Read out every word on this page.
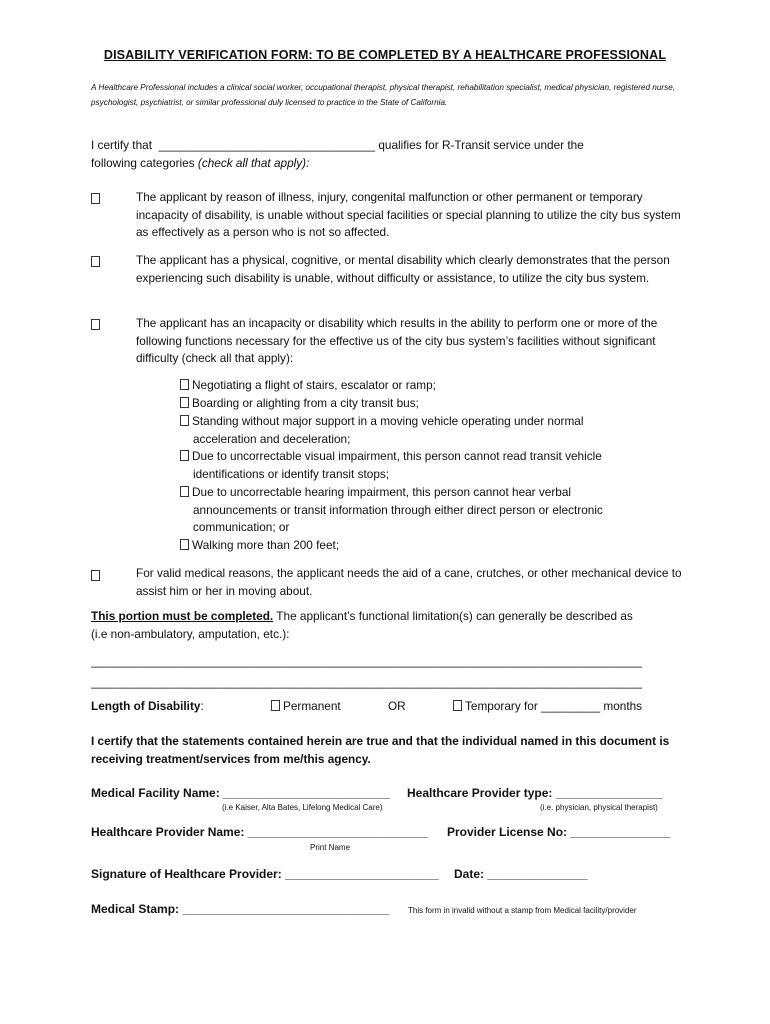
DISABILITY VERIFICATION FORM: TO BE COMPLETED BY A HEALTHCARE PROFESSIONAL
A Healthcare Professional includes a clinical social worker, occupational therapist, physical therapist, rehabilitation specialist, medical physician, registered nurse, psychologist, psychiatrist, or similar professional duly licensed to practice in the State of California.
I certify that _________________________________ qualifies for R-Transit service under the
following categories (check all that apply):
The applicant by reason of illness, injury, congenital malfunction or other permanent or temporary incapacity of disability, is unable without special facilities or special planning to utilize the city bus system as effectively as a person who is not so affected.
The applicant has a physical, cognitive, or mental disability which clearly demonstrates that the person experiencing such disability is unable, without difficulty or assistance, to utilize the city bus system.
The applicant has an incapacity or disability which results in the ability to perform one or more of the following functions necessary for the effective us of the city bus system’s facilities without significant difficulty (check all that apply):
Negotiating a flight of stairs, escalator or ramp;
Boarding or alighting from a city transit bus;
Standing without major support in a moving vehicle operating under normal
acceleration and deceleration;
Due to uncorrectable visual impairment, this person cannot read transit vehicle
identifications or identify transit stops;
Due to uncorrectable hearing impairment, this person cannot hear verbal
announcements or transit information through either direct person or electronic communication; or
Walking more than 200 feet;
For valid medical reasons, the applicant needs the aid of a cane, crutches, or other mechanical device to assist him or her in moving about.
This portion must be completed. The applicant’s functional limitation(s) can generally be described as
(i.e non-ambulatory, amputation, etc.):
____________________________________________________________________________________
____________________________________________________________________________________
Length of Disability:	Permanent	OR	Temporary for _________ months
I certify that the statements contained herein are true and that the individual named in this document is receiving treatment/services from me/this agency.
Medical Facility Name: _________________________
(i.e Kaiser, Alta Bates, Lifelong Medical Care)
Healthcare Provider type: ________________
(i.e. physician, physical therapist)
Healthcare Provider Name: ___________________________
Print Name
Provider License No: _______________
Signature of Healthcare Provider: _______________________ Date: _______________
Medical Stamp: _______________________________ This form in invalid without a stamp from Medical facility/provider
